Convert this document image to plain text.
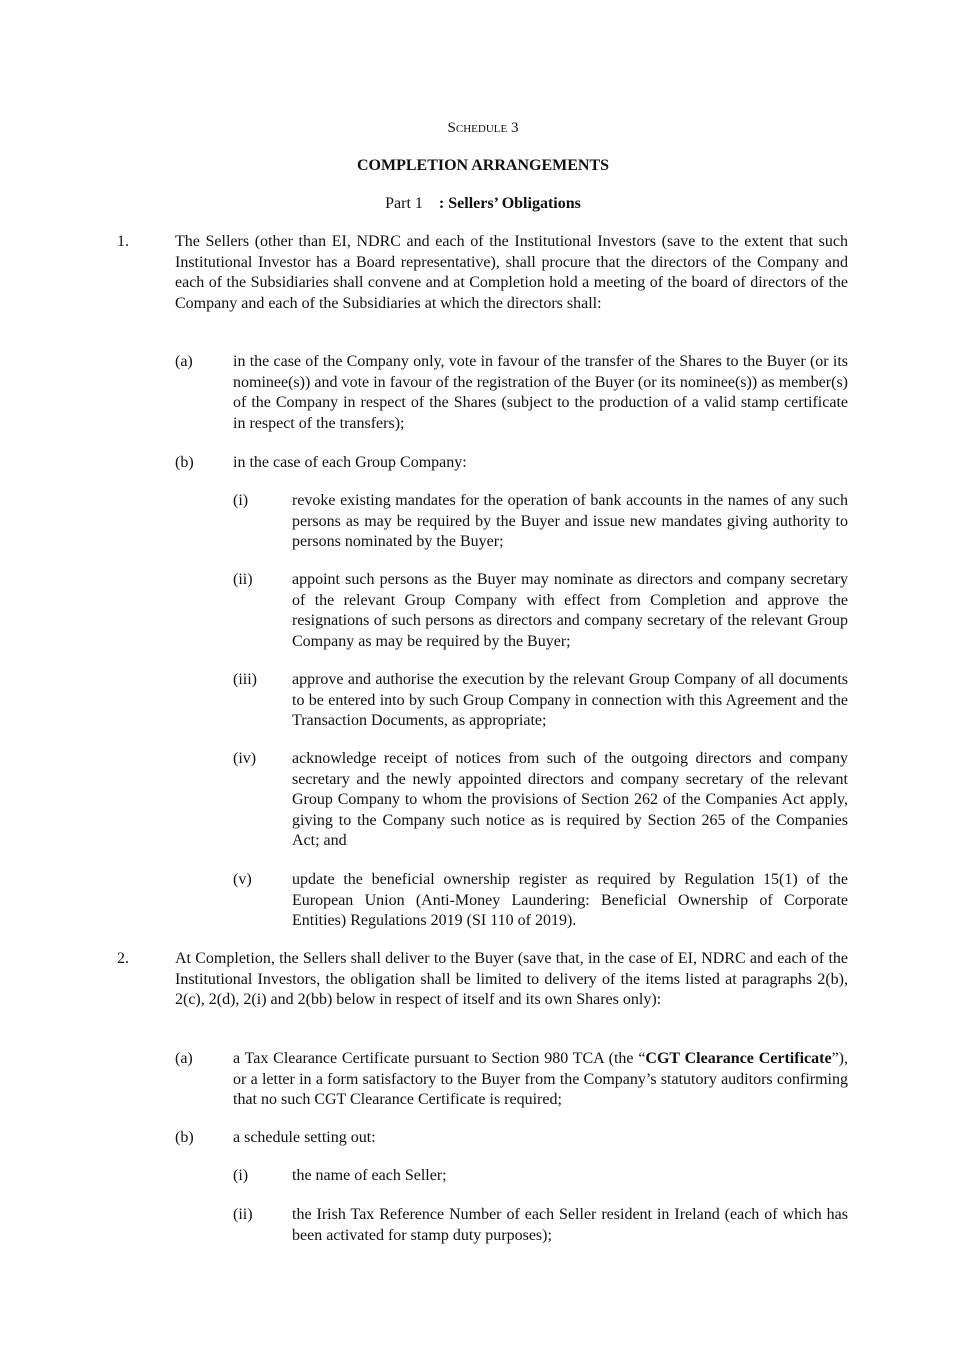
Schedule 3
COMPLETION ARRANGEMENTS
Part 1 : Sellers’ Obligations
1.	The Sellers (other than EI, NDRC and each of the Institutional Investors (save to the extent that such Institutional Investor has a Board representative), shall procure that the directors of the Company and each of the Subsidiaries shall convene and at Completion hold a meeting of the board of directors of the Company and each of the Subsidiaries at which the directors shall:
(a)	in the case of the Company only, vote in favour of the transfer of the Shares to the Buyer (or its nominee(s)) and vote in favour of the registration of the Buyer (or its nominee(s)) as member(s) of the Company in respect of the Shares (subject to the production of a valid stamp certificate in respect of the transfers);
(b) in the case of each Group Company:
(i)	revoke existing mandates for the operation of bank accounts in the names of any such persons as may be required by the Buyer and issue new mandates giving authority to persons nominated by the Buyer;
(ii) appoint such persons as the Buyer may nominate as directors and company secretary of the relevant Group Company with effect from Completion and approve the resignations of such persons as directors and company secretary of the relevant Group Company as may be required by the Buyer;
(iii) approve and authorise the execution by the relevant Group Company of all documents to be entered into by such Group Company in connection with this Agreement and the Transaction Documents, as appropriate;
(iv) acknowledge receipt of notices from such of the outgoing directors and company secretary and the newly appointed directors and company secretary of the relevant Group Company to whom the provisions of Section 262 of the Companies Act apply, giving to the Company such notice as is required by Section 265 of the Companies Act; and
(v)	update the beneficial ownership register as required by Regulation 15(1) of the European Union (Anti-Money Laundering: Beneficial Ownership of Corporate Entities) Regulations 2019 (SI 110 of 2019).
2.	At Completion, the Sellers shall deliver to the Buyer (save that, in the case of EI, NDRC and each of the Institutional Investors, the obligation shall be limited to delivery of the items listed at paragraphs 2(b), 2(c), 2(d), 2(i) and 2(bb) below in respect of itself and its own Shares only):
(a)	a Tax Clearance Certificate pursuant to Section 980 TCA (the “CGT Clearance Certificate”), or a letter in a form satisfactory to the Buyer from the Company’s statutory auditors confirming that no such CGT Clearance Certificate is required;
(b) a schedule setting out:
(i)	the name of each Seller;
(ii) the Irish Tax Reference Number of each Seller resident in Ireland (each of which has been activated for stamp duty purposes);
